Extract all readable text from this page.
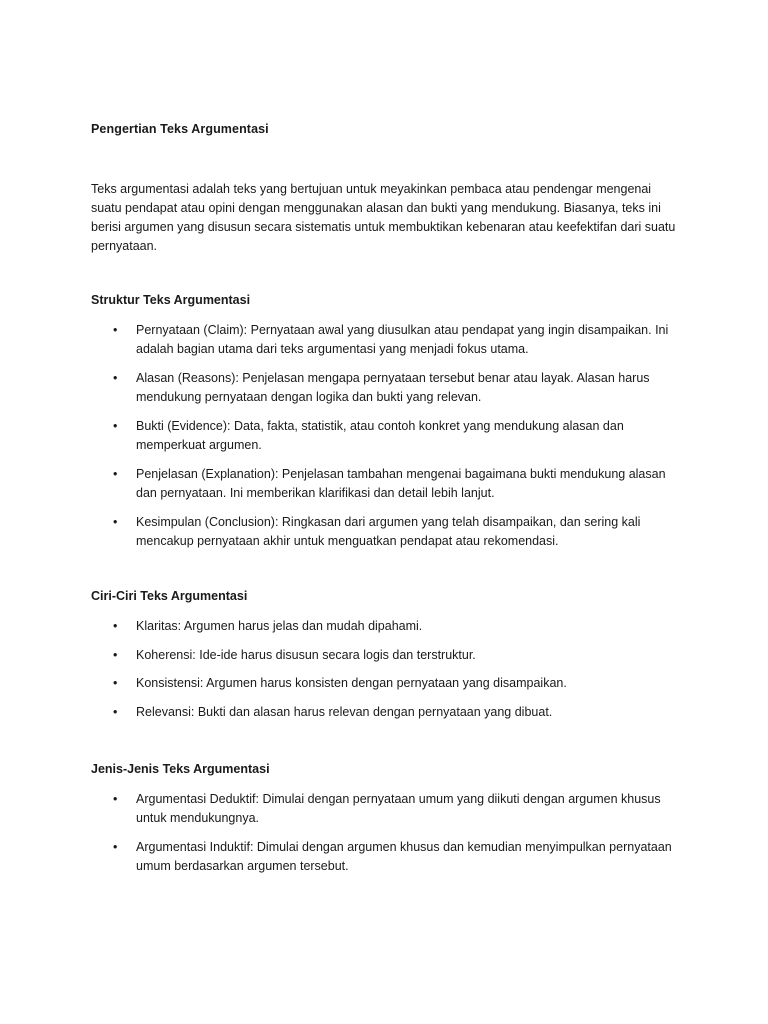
Pengertian Teks Argumentasi

Teks argumentasi adalah teks yang bertujuan untuk meyakinkan pembaca atau pendengar mengenai suatu pendapat atau opini dengan menggunakan alasan dan bukti yang mendukung. Biasanya, teks ini berisi argumen yang disusun secara sistematis untuk membuktikan kebenaran atau keefektifan dari suatu pernyataan.

Struktur Teks Argumentasi
• Pernyataan (Claim): Pernyataan awal yang diusulkan atau pendapat yang ingin disampaikan. Ini adalah bagian utama dari teks argumentasi yang menjadi fokus utama.
• Alasan (Reasons): Penjelasan mengapa pernyataan tersebut benar atau layak. Alasan harus mendukung pernyataan dengan logika dan bukti yang relevan.
• Bukti (Evidence): Data, fakta, statistik, atau contoh konkret yang mendukung alasan dan memperkuat argumen.
• Penjelasan (Explanation): Penjelasan tambahan mengenai bagaimana bukti mendukung alasan dan pernyataan. Ini memberikan klarifikasi dan detail lebih lanjut.
• Kesimpulan (Conclusion): Ringkasan dari argumen yang telah disampaikan, dan sering kali mencakup pernyataan akhir untuk menguatkan pendapat atau rekomendasi.
Ciri-Ciri Teks Argumentasi
• Klaritas: Argumen harus jelas dan mudah dipahami.
• Koherensi: Ide-ide harus disusun secara logis dan terstruktur.
• Konsistensi: Argumen harus konsisten dengan pernyataan yang disampaikan.
• Relevansi: Bukti dan alasan harus relevan dengan pernyataan yang dibuat.
Jenis-Jenis Teks Argumentasi
• Argumentasi Deduktif: Dimulai dengan pernyataan umum yang diikuti dengan argumen khusus untuk mendukungnya.
• Argumentasi Induktif: Dimulai dengan argumen khusus dan kemudian menyimpulkan pernyataan umum berdasarkan argumen tersebut.
